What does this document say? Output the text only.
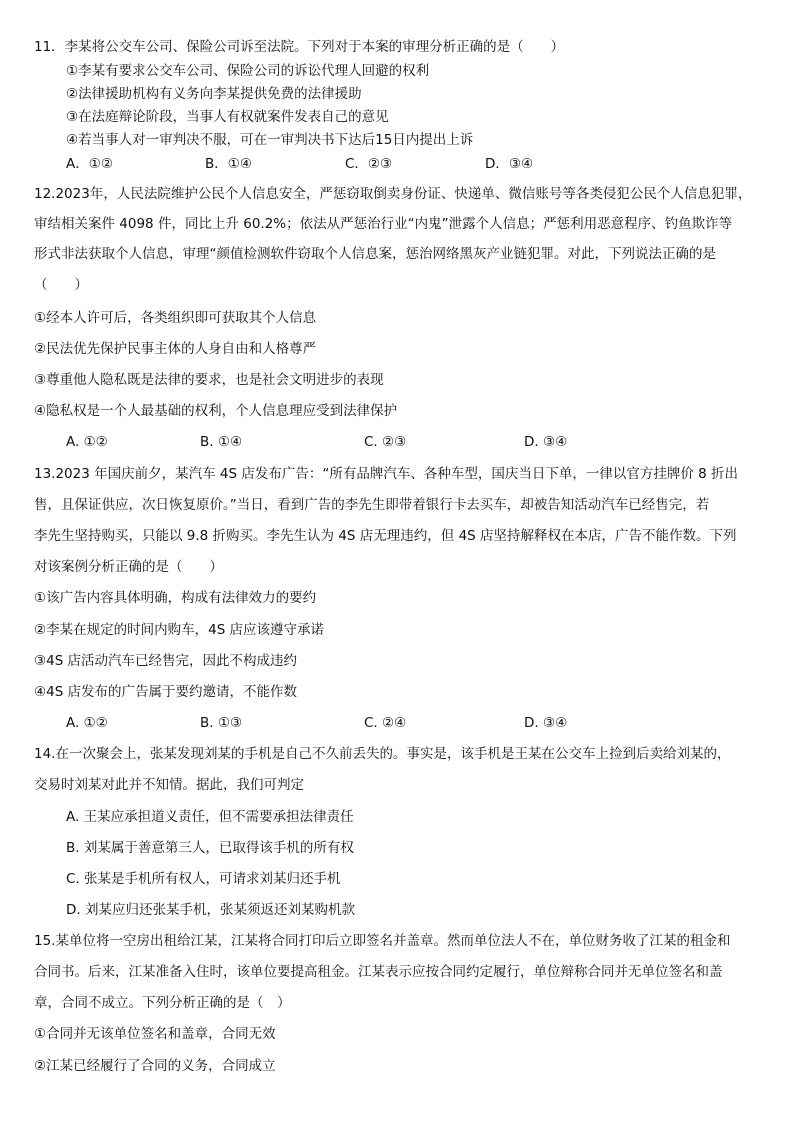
11．李某将公交车公司、保险公司诉至法院。下列对于本案的审理分析正确的是（　　）
①李某有要求公交车公司、保险公司的诉讼代理人回避的权利
②法律援助机构有义务向李某提供免费的法律援助
③在法庭辩论阶段，当事人有权就案件发表自己的意见
④若当事人对一审判决不服，可在一审判决书下达后15日内提出上诉
A．①②	B．①④	C．②③	D．③④
12.2023年，人民法院维护公民个人信息安全，严惩窃取倒卖身份证、快递单、微信账号等各类侵犯公民个人信息犯罪，
审结相关案件 4098 件，同比上升 60.2%；依法从严惩治行业“内鬼”泄露个人信息；严惩利用恶意程序、钓鱼欺诈等
形式非法获取个人信息，审理“颜值检测软件窃取个人信息案，惩治网络黑灰产业链犯罪。对此，下列说法正确的是
（　　）
①经本人许可后，各类组织即可获取其个人信息
②民法优先保护民事主体的人身自由和人格尊严
③尊重他人隐私既是法律的要求，也是社会文明进步的表现
④隐私权是一个人最基础的权利，个人信息理应受到法律保护
A. ①②	B. ①④	C. ②③	D. ③④
13.2023 年国庆前夕，某汽车 4S 店发布广告：“所有品牌汽车、各种车型，国庆当日下单，一律以官方挂牌价 8 折出
售，且保证供应，次日恢复原价。”当日，看到广告的李先生即带着银行卡去买车，却被告知活动汽车已经售完，若
李先生坚持购买，只能以 9.8 折购买。李先生认为 4S 店无理违约，但 4S 店坚持解释权在本店，广告不能作数。下列
对该案例分析正确的是（　　）
①该广告内容具体明确，构成有法律效力的要约
②李某在规定的时间内购车，4S 店应该遵守承诺
③4S 店活动汽车已经售完，因此不构成违约
④4S 店发布的广告属于要约邀请，不能作数
A. ①②	B. ①③	C. ②④	D. ③④
14.在一次聚会上，张某发现刘某的手机是自己不久前丢失的。事实是，该手机是王某在公交车上捡到后卖给刘某的，
交易时刘某对此并不知情。据此，我们可判定
A. 王某应承担道义责任，但不需要承担法律责任
B. 刘某属于善意第三人，已取得该手机的所有权
C. 张某是手机所有权人，可请求刘某归还手机
D. 刘某应归还张某手机，张某须返还刘某购机款
15.某单位将一空房出租给江某，江某将合同打印后立即签名并盖章。然而单位法人不在，单位财务收了江某的租金和
合同书。后来，江某准备入住时，该单位要提高租金。江某表示应按合同约定履行，单位辩称合同并无单位签名和盖
章，合同不成立。下列分析正确的是（　）
①合同并无该单位签名和盖章，合同无效
②江某已经履行了合同的义务，合同成立
